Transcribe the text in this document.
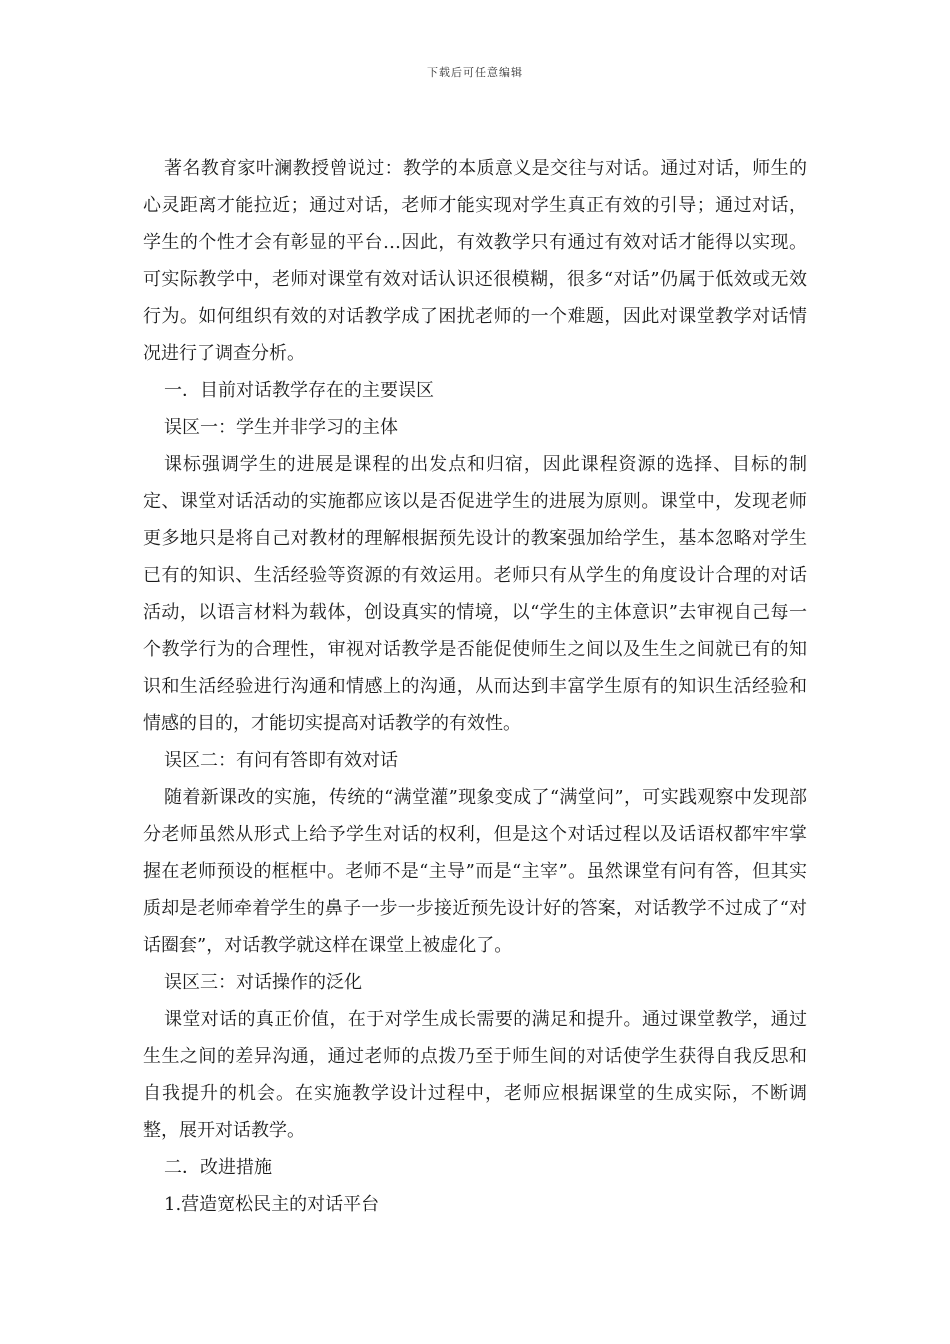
下载后可任意编辑

著名教育家叶澜教授曾说过：教学的本质意义是交往与对话。通过对话，师生的心灵距离才能拉近；通过对话，老师才能实现对学生真正有效的引导；通过对话，学生的个性才会有彰显的平台…因此，有效教学只有通过有效对话才能得以实现。可实际教学中，老师对课堂有效对话认识还很模糊，很多“对话”仍属于低效或无效行为。如何组织有效的对话教学成了困扰老师的一个难题，因此对课堂教学对话情况进行了调查分析。

一．目前对话教学存在的主要误区

误区一：学生并非学习的主体

课标强调学生的进展是课程的出发点和归宿，因此课程资源的选择、目标的制定、课堂对话活动的实施都应该以是否促进学生的进展为原则。课堂中，发现老师更多地只是将自己对教材的理解根据预先设计的教案强加给学生，基本忽略对学生已有的知识、生活经验等资源的有效运用。老师只有从学生的角度设计合理的对话活动，以语言材料为载体，创设真实的情境，以“学生的主体意识”去审视自己每一个教学行为的合理性，审视对话教学是否能促使师生之间以及生生之间就已有的知识和生活经验进行沟通和情感上的沟通，从而达到丰富学生原有的知识生活经验和情感的目的，才能切实提高对话教学的有效性。

误区二：有问有答即有效对话

随着新课改的实施，传统的“满堂灌”现象变成了“满堂问”，可实践观察中发现部分老师虽然从形式上给予学生对话的权利，但是这个对话过程以及话语权都牢牢掌握在老师预设的框框中。老师不是“主导”而是“主宰”。虽然课堂有问有答，但其实质却是老师牵着学生的鼻子一步一步接近预先设计好的答案，对话教学不过成了“对话圈套”，对话教学就这样在课堂上被虚化了。

误区三：对话操作的泛化

课堂对话的真正价值，在于对学生成长需要的满足和提升。通过课堂教学，通过生生之间的差异沟通，通过老师的点拨乃至于师生间的对话使学生获得自我反思和自我提升的机会。在实施教学设计过程中，老师应根据课堂的生成实际，不断调整，展开对话教学。

二．改进措施

1.营造宽松民主的对话平台
